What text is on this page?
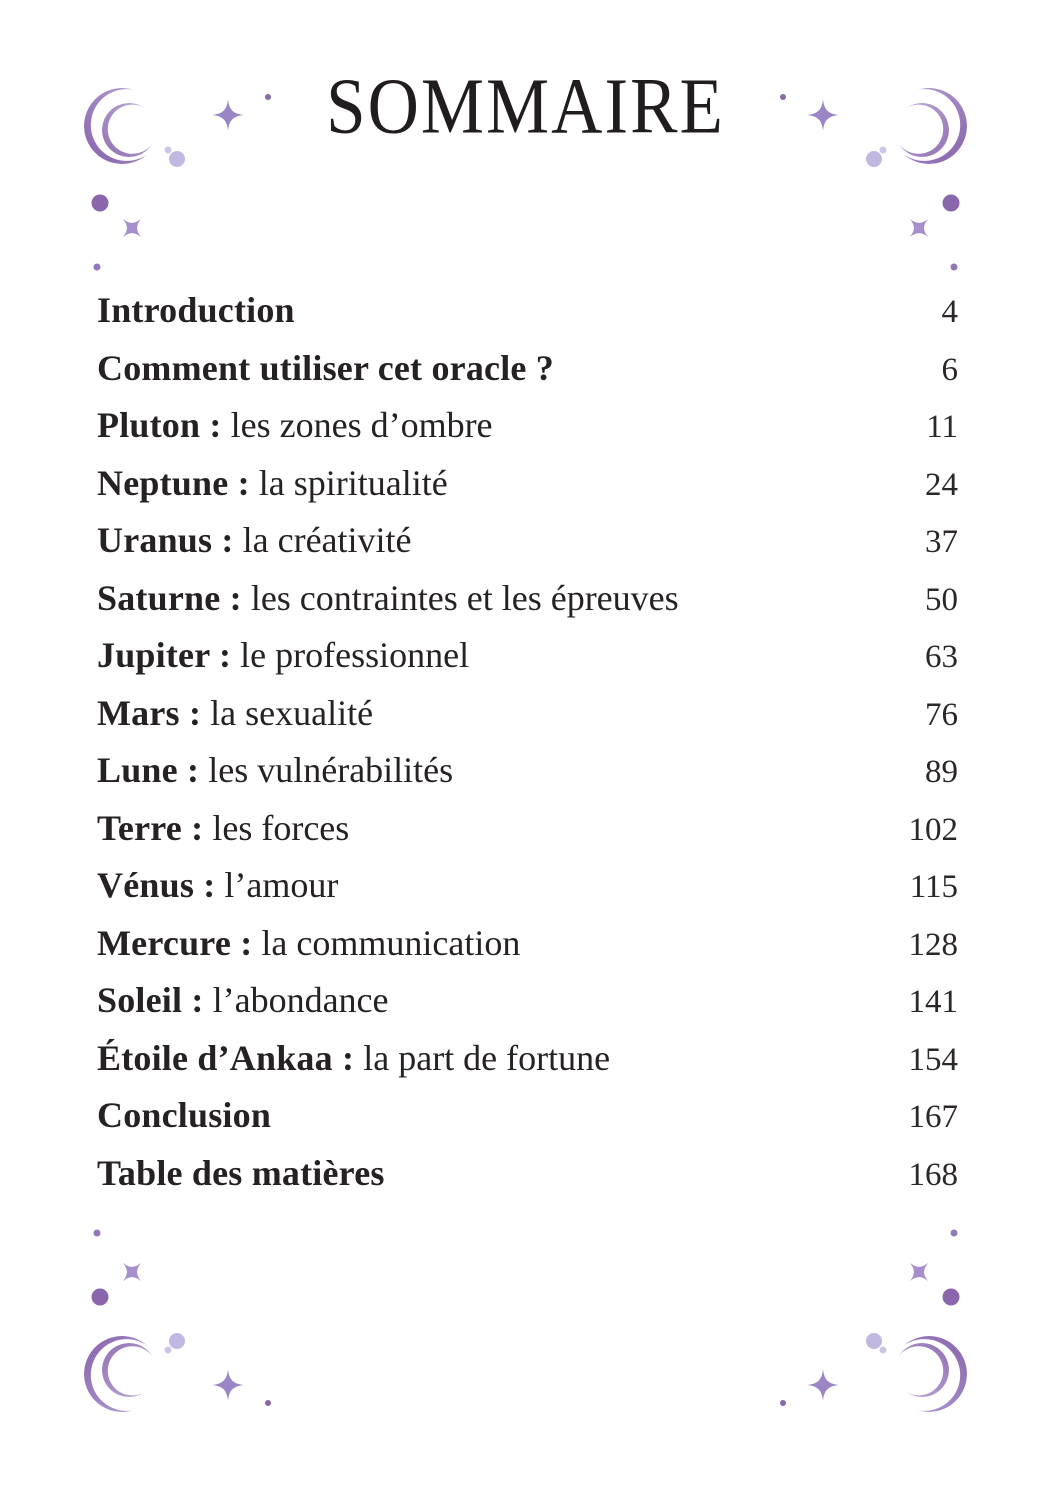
SOMMAIRE
Introduction	4
Comment utiliser cet oracle ?	6
Pluton : les zones d’ombre	11
Neptune : la spiritualité	24
Uranus : la créativité	37
Saturne : les contraintes et les épreuves	50
Jupiter : le professionnel	63
Mars : la sexualité	76
Lune : les vulnérabilités	89
Terre : les forces	102
Vénus : l’amour	115
Mercure : la communication	128
Soleil : l’abondance	141
Étoile d’Ankaa : la part de fortune	154
Conclusion	167
Table des matières	168
